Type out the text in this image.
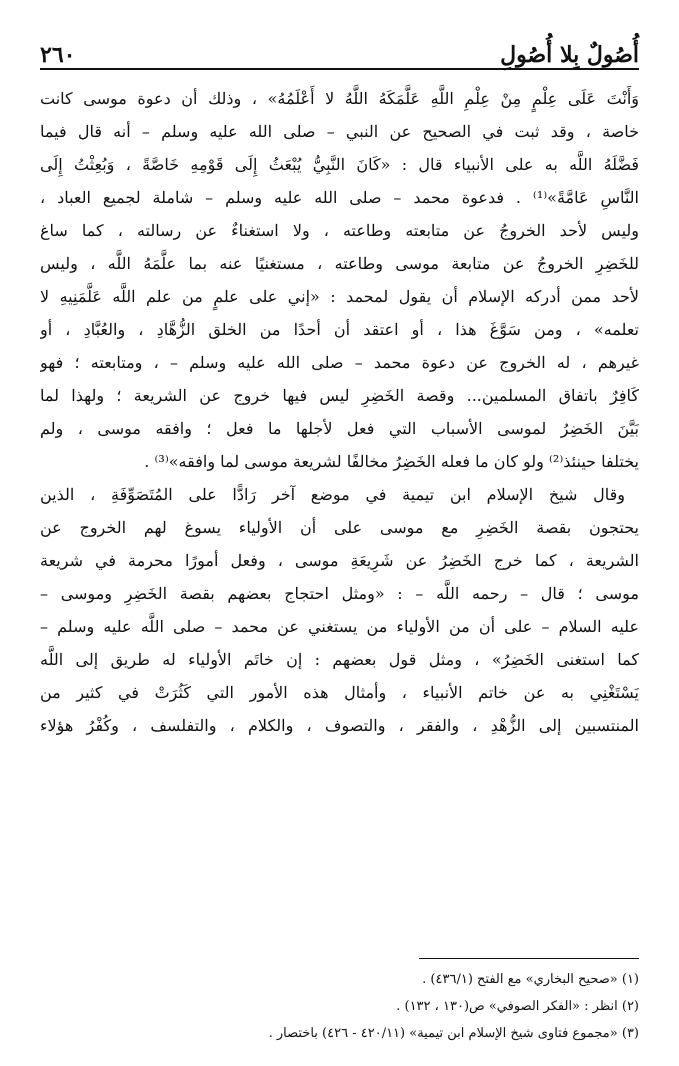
أُصُولٌ بِلا أُصُولِ
٢٦٠
وَأَنْتَ عَلَى عِلْمٍ مِنْ عِلْمِ اللَّهِ عَلَّمَكَهُ اللَّهُ لا أَعْلَمُهُ» ، وذلك أن دعوة موسى كانت
خاصة ، وقد ثبت في الصحيح عن النبي – صلى الله عليه وسلم – أنه قال فيما
فَضَّلَهُ اللَّه به على الأنبياء قال : «كَانَ النَّبِيُّ يُبْعَثُ إِلَى قَوْمِهِ خَاصَّةً ، وَبُعِثْتُ إِلَى
النَّاسِ عَامَّةً»⁽¹⁾ . فدعوة محمد – صلى الله عليه وسلم – شاملة لجميع العباد ،
وليس لأحد الخروجُ عن متابعته وطاعته ، ولا استغناءٌ عن رسالته ، كما ساغ
للخَضِرِ الخروجُ عن متابعة موسى وطاعته ، مستغنيًا عنه بما علَّمَهُ اللَّه ، وليس
لأحد ممن أدركه الإسلام أن يقول لمحمد : «إني على علمٍ من علم اللَّه عَلَّمَنِيهِ لا
تعلمه» ، ومن سَوَّغَ هذا ، أو اعتقد أن أحدًا من الخلق الزُّهَّادِ ، والعُبَّادِ ، أو
غيرهم ، له الخروج عن دعوة محمد – صلى الله عليه وسلم – ، ومتابعته ؛ فهو
كَافِرٌ باتفاق المسلمين... وقصة الخَضِرِ ليس فيها خروج عن الشريعة ؛ ولهذا لما
بَيَّنَ الخَضِرُ لموسى الأسباب التي فعل لأجلها ما فعل ؛ وافقه موسى ، ولم
يختلفا حينئذ⁽²⁾ ولو كان ما فعله الخَضِرُ مخالفًا لشريعة موسى لما وافقه»⁽³⁾ .
وقال شيخ الإسلام ابن تيمية في موضع آخر رَادًّا على المُتَصَوِّفَةِ ، الذين
يحتجون بقصة الخَضِرِ مع موسى على أن الأولياء يسوغ لهم الخروج عن
الشريعة ، كما خرج الخَضِرُ عن شَرِيعَةِ موسى ، وفعل أمورًا محرمة في شريعة
موسى ؛ قال – رحمه اللَّه – : «ومثل احتجاج بعضهم بقصة الخَضِرِ وموسى –
عليه السلام – على أن من الأولياء من يستغني عن محمد – صلى اللَّه عليه وسلم –
كما استغنى الخَضِرُ» ، ومثل قول بعضهم : إن خاتَم الأولياء له طريق إلى اللَّه
يَسْتَغْنِي به عن خاتم الأنبياء ، وأمثال هذه الأمور التي كَثُرَتْ في كثير من
المنتسبين إلى الزُّهْدِ ، والفقر ، والتصوف ، والكلام ، والتفلسف ، وكُفْرُ هؤلاء
(١) «صحيح البخاري» مع الفتح (٤٣٦/١) .
(٢) انظر : «الفكر الصوفي» ص(١٣٠ ، ١٣٢) .
(٣) «مجموع فتاوى شيخ الإسلام ابن تيمية» (٤٢٠/١١ - ٤٢٦) باختصار .
